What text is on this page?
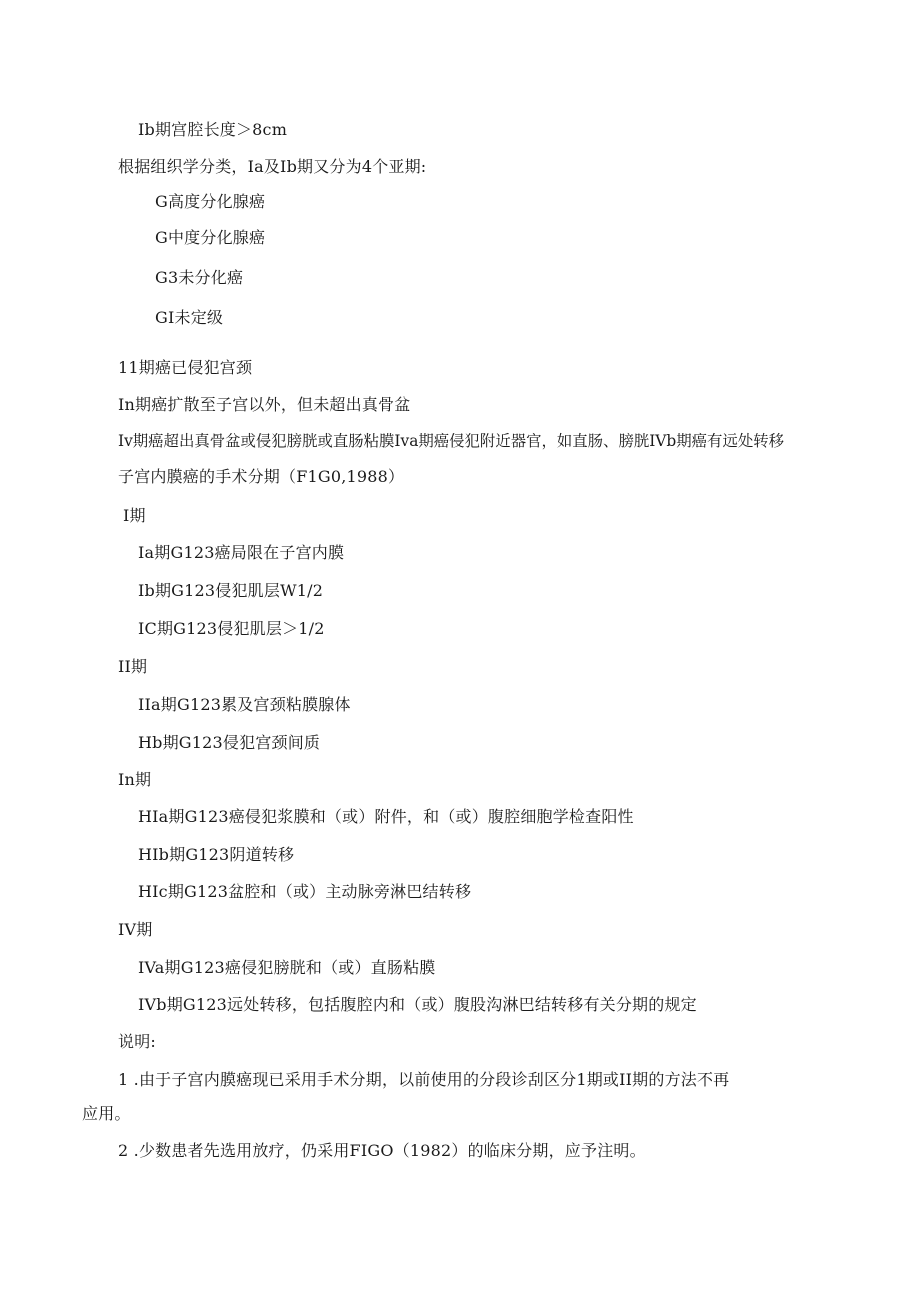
Ib期宫腔长度＞8cm
根据组织学分类，Ia及Ib期又分为4个亚期:
G高度分化腺癌
G中度分化腺癌
G3未分化癌
GI未定级
11期癌已侵犯宫颈
In期癌扩散至子宫以外，但未超出真骨盆
Iv期癌超出真骨盆或侵犯膀胱或直肠粘膜Iva期癌侵犯附近器官，如直肠、膀胱IVb期癌有远处转移
子宫内膜癌的手术分期（F1G0,1988）
I期
Ia期G123癌局限在子宫内膜
Ib期G123侵犯肌层W1/2
IC期G123侵犯肌层＞1/2
II期
IIa期G123累及宫颈粘膜腺体
Hb期G123侵犯宫颈间质
In期
HIa期G123癌侵犯浆膜和（或）附件，和（或）腹腔细胞学检查阳性
HIb期G123阴道转移
HIc期G123盆腔和（或）主动脉旁淋巴结转移
IV期
IVa期G123癌侵犯膀胱和（或）直肠粘膜
IVb期G123远处转移，包括腹腔内和（或）腹股沟淋巴结转移有关分期的规定
说明:
1 .由于子宫内膜癌现已采用手术分期，以前使用的分段诊刮区分1期或II期的方法不再
应用。
2 .少数患者先选用放疗，仍采用FIGO（1982）的临床分期，应予注明。
